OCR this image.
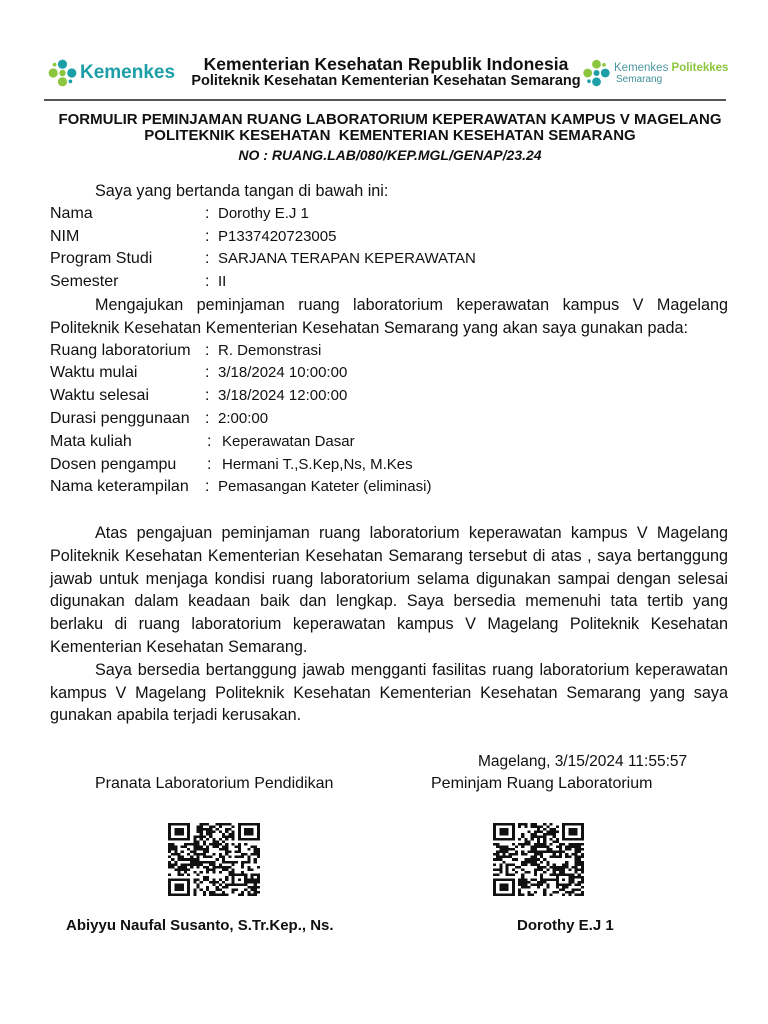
Kemenkes	Kementerian Kesehatan Republik Indonesia
Politeknik Kesehatan Kementerian Kesehatan Semarang
Kemenkes Politekkes
Semarang
FORMULIR PEMINJAMAN RUANG LABORATORIUM KEPERAWATAN KAMPUS V MAGELANG
POLITEKNIK KESEHATAN  KEMENTERIAN KESEHATAN SEMARANG
NO : RUANG.LAB/080/KEP.MGL/GENAP/23.24
Saya yang bertanda tangan di bawah ini:
Nama	: Dorothy E.J 1
NIM	: P1337420723005
Program Studi	: SARJANA TERAPAN KEPERAWATAN
Semester	: II
Mengajukan peminjaman ruang laboratorium keperawatan kampus V Magelang
Politeknik Kesehatan Kementerian Kesehatan Semarang yang akan saya gunakan pada:
Ruang laboratorium : R. Demonstrasi
Waktu mulai	: 3/18/2024 10:00:00
Waktu selesai	: 3/18/2024 12:00:00
Durasi penggunaan : 2:00:00
Mata kuliah	: Keperawatan Dasar
Dosen pengampu	: Hermani T.,S.Kep,Ns, M.Kes
Nama keterampilan	: Pemasangan Kateter (eliminasi)
Atas pengajuan peminjaman ruang laboratorium keperawatan kampus V Magelang
Politeknik Kesehatan Kementerian Kesehatan Semarang tersebut di atas , saya bertanggung
jawab untuk menjaga kondisi ruang laboratorium selama digunakan sampai dengan selesai
digunakan dalam keadaan baik dan lengkap. Saya bersedia memenuhi tata tertib yang
berlaku di ruang laboratorium keperawatan kampus V Magelang Politeknik Kesehatan
Kementerian Kesehatan Semarang.
Saya bersedia bertanggung jawab mengganti fasilitas ruang laboratorium keperawatan
kampus V Magelang Politeknik Kesehatan Kementerian Kesehatan Semarang yang saya
gunakan apabila terjadi kerusakan.
Magelang, 3/15/2024 11:55:57
Pranata Laboratorium Pendidikan	Peminjam Ruang Laboratorium
Abiyyu Naufal Susanto, S.Tr.Kep., Ns.	Dorothy E.J 1
